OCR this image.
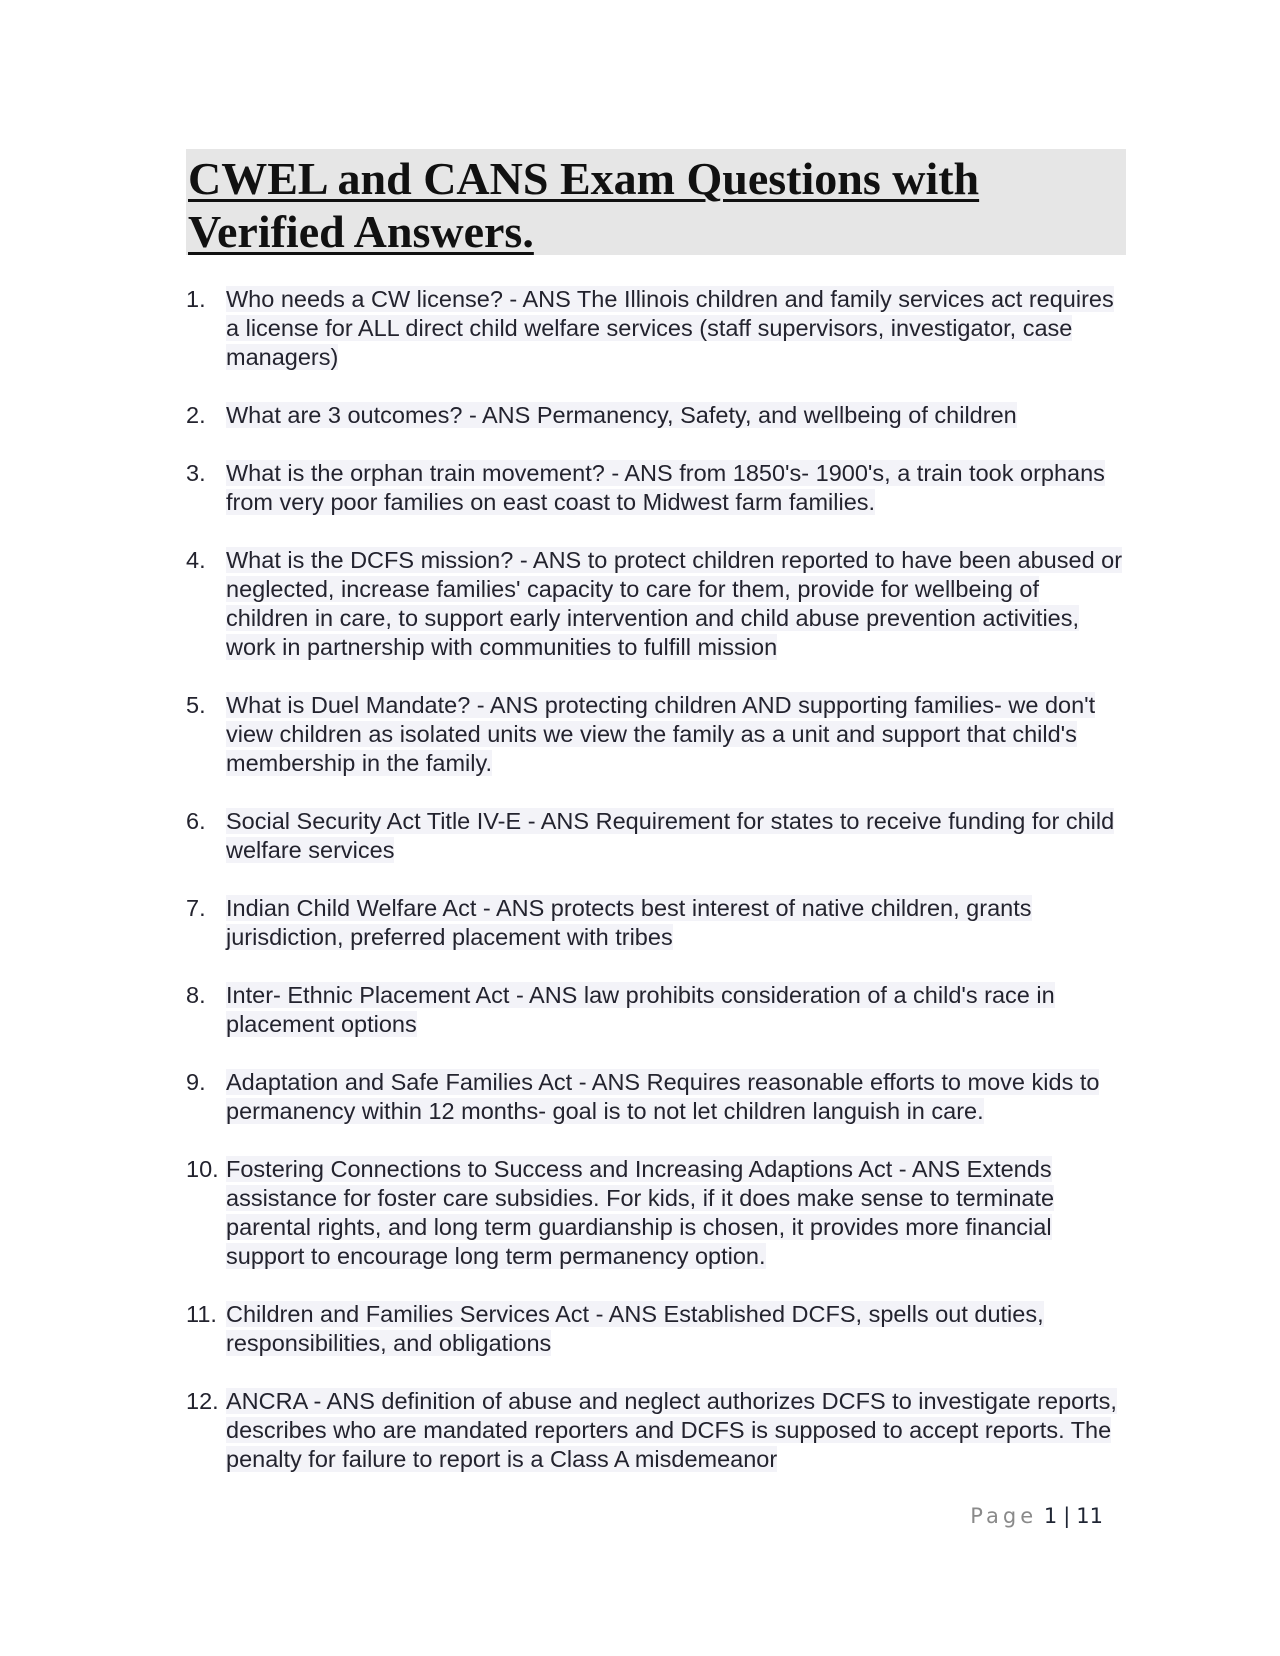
CWEL and CANS Exam Questions with
Verified Answers.
1. Who needs a CW license? - ANS The Illinois children and family services act requires a license for ALL direct child welfare services (staff supervisors, investigator, case managers)
2. What are 3 outcomes? - ANS Permanency, Safety, and wellbeing of children
3. What is the orphan train movement? - ANS from 1850's- 1900's, a train took orphans from very poor families on east coast to Midwest farm families.
4. What is the DCFS mission? - ANS to protect children reported to have been abused or neglected, increase families' capacity to care for them, provide for wellbeing of children in care, to support early intervention and child abuse prevention activities, work in partnership with communities to fulfill mission
5. What is Duel Mandate? - ANS protecting children AND supporting families- we don't view children as isolated units we view the family as a unit and support that child's membership in the family.
6. Social Security Act Title IV-E - ANS Requirement for states to receive funding for child welfare services
7. Indian Child Welfare Act - ANS protects best interest of native children, grants jurisdiction, preferred placement with tribes
8. Inter- Ethnic Placement Act - ANS law prohibits consideration of a child's race in placement options
9. Adaptation and Safe Families Act - ANS Requires reasonable efforts to move kids to permanency within 12 months- goal is to not let children languish in care.
10. Fostering Connections to Success and Increasing Adaptions Act - ANS Extends assistance for foster care subsidies. For kids, if it does make sense to terminate parental rights, and long term guardianship is chosen, it provides more financial support to encourage long term permanency option.
11. Children and Families Services Act - ANS Established DCFS, spells out duties, responsibilities, and obligations
12. ANCRA - ANS definition of abuse and neglect authorizes DCFS to investigate reports, describes who are mandated reporters and DCFS is supposed to accept reports. The penalty for failure to report is a Class A misdemeanor
Page 1 | 11
